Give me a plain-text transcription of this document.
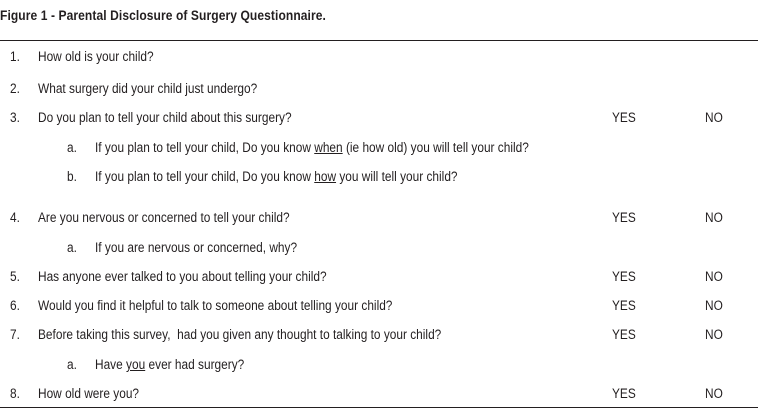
Figure 1 - Parental Disclosure of Surgery Questionnaire.
1. How old is your child?
2. What surgery did your child just undergo?
3. Do you plan to tell your child about this surgery?	YES	NO
a. If you plan to tell your child, Do you know when (ie how old) you will tell your child?
b. If you plan to tell your child, Do you know how you will tell your child?
4. Are you nervous or concerned to tell your child?	YES	NO
a. If you are nervous or concerned, why?
5. Has anyone ever talked to you about telling your child?	YES	NO
6. Would you find it helpful to talk to someone about telling your child?	YES	NO
7. Before taking this survey,  had you given any thought to talking to your child?	YES	NO
a. Have you ever had surgery?
8. How old were you?	YES	NO
